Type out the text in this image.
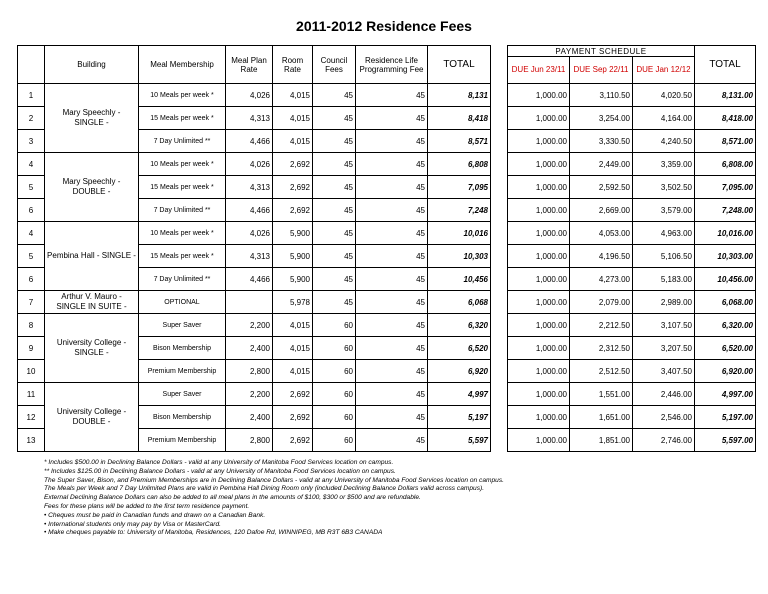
2011-2012 Residence Fees
	Building	Meal Membership	Meal Plan Rate	Room Rate	Council Fees	Residence Life Programming Fee	TOTAL
1	Mary Speechly - SINGLE -	10 Meals per week *	4,026	4,015	45	45	8,131
2		15 Meals per week *	4,313	4,015	45	45	8,418
3		7 Day Unlimited **	4,466	4,015	45	45	8,571
4	Mary Speechly - DOUBLE -	10 Meals per week *	4,026	2,692	45	45	6,808
5		15 Meals per week *	4,313	2,692	45	45	7,095
6		7 Day Unlimited **	4,466	2,692	45	45	7,248
4	Pembina Hall - SINGLE -	10 Meals per week *	4,026	5,900	45	45	10,016
5		15 Meals per week *	4,313	5,900	45	45	10,303
6		7 Day Unlimited **	4,466	5,900	45	45	10,456
7	Arthur V. Mauro - SINGLE IN SUITE -	OPTIONAL		5,978	45	45	6,068
8	University College - SINGLE -	Super Saver	2,200	4,015	60	45	6,320
9		Bison Membership	2,400	4,015	60	45	6,520
10		Premium Membership	2,800	4,015	60	45	6,920
11	University College - DOUBLE -	Super Saver	2,200	2,692	60	45	4,997
12		Bison Membership	2,400	2,692	60	45	5,197
13		Premium Membership	2,800	2,692	60	45	5,597
PAYMENT SCHEDULE			TOTAL
DUE Jun 23/11	DUE Sep 22/11	DUE Jan 12/12	
1,000.00	3,110.50	4,020.50	8,131.00
1,000.00	3,254.00	4,164.00	8,418.00
1,000.00	3,330.50	4,240.50	8,571.00
1,000.00	2,449.00	3,359.00	6,808.00
1,000.00	2,592.50	3,502.50	7,095.00
1,000.00	2,669.00	3,579.00	7,248.00
1,000.00	4,053.00	4,963.00	10,016.00
1,000.00	4,196.50	5,106.50	10,303.00
1,000.00	4,273.00	5,183.00	10,456.00
1,000.00	2,079.00	2,989.00	6,068.00
1,000.00	2,212.50	3,107.50	6,320.00
1,000.00	2,312.50	3,207.50	6,520.00
1,000.00	2,512.50	3,407.50	6,920.00
1,000.00	1,551.00	2,446.00	4,997.00
1,000.00	1,651.00	2,546.00	5,197.00
1,000.00	1,851.00	2,746.00	5,597.00
* Includes $500.00 in Declining Balance Dollars - valid at any University of Manitoba Food Services location on campus.
** Includes $125.00 in Declining Balance Dollars - valid at any University of Manitoba Food Services location on campus.
The Super Saver, Bison, and Premium Memberships are in Declining Balance Dollars - valid at any University of Manitoba Food Services location on campus.
The Meals per Week and 7 Day Unlimited Plans are valid in Pembina Hall Dining Room only (included Declining Balance Dollars valid across campus).
External Declining Balance Dollars can also be added to all meal plans in the amounts of $100, $300 or $500 and are refundable.
Fees for these plans will be added to the first term residence payment.
• Cheques must be paid in Canadian funds and drawn on a Canadian Bank.
• International students only may pay by Visa or MasterCard.
• Make cheques payable to: University of Manitoba, Residences, 120 Dafoe Rd, WINNIPEG, MB R3T 6B3 CANADA
